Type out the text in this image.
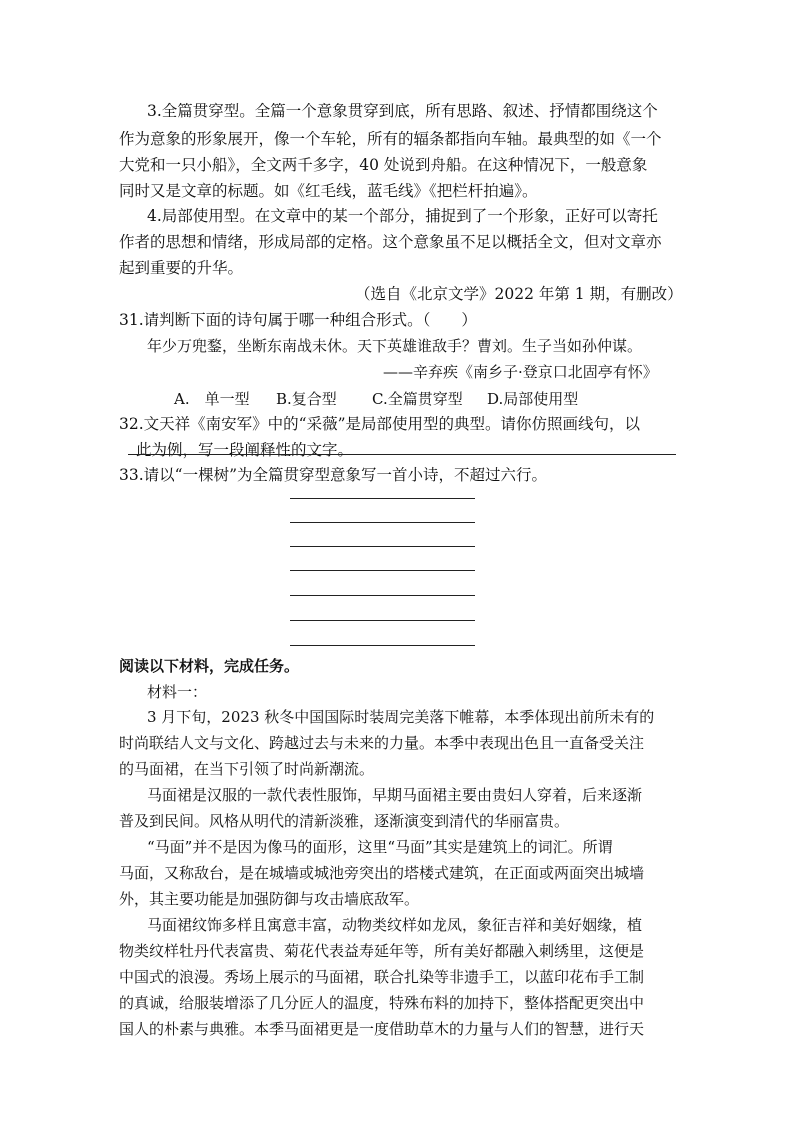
3.全篇贯穿型。全篇一个意象贯穿到底，所有思路、叙述、抒情都围绕这个

作为意象的形象展开，像一个车轮，所有的辐条都指向车轴。最典型的如《一个

大党和一只小船》，全文两千多字，40 处说到舟船。在这种情况下，一般意象

同时又是文章的标题。如《红毛线，蓝毛线》《把栏杆拍遍》。

4.局部使用型。在文章中的某一个部分，捕捉到了一个形象，正好可以寄托

作者的思想和情绪，形成局部的定格。这个意象虽不足以概括全文，但对文章亦

起到重要的升华。

（选自《北京文学》2022 年第 1 期，有删改）

31.请判断下面的诗句属于哪一种组合形式。（　　）

年少万兜鍪，坐断东南战未休。天下英雄谁敌手？曹刘。生子当如孙仲谋。

——辛弃疾《南乡子·登京口北固亭有怀》

A.　单一型 B.复合型 C.全篇贯穿型 D.局部使用型

32.文天祥《南安军》中的“采薇”是局部使用型的典型。请你仿照画线句，以

此为例，写一段阐释性的文字。

33.请以“一棵树”为全篇贯穿型意象写一首小诗，不超过六行。

阅读以下材料，完成任务。

材料一：

3 月下旬，2023 秋冬中国国际时装周完美落下帷幕，本季体现出前所未有的

时尚联结人文与文化、跨越过去与未来的力量。本季中表现出色且一直备受关注

的马面裙，在当下引领了时尚新潮流。

马面裙是汉服的一款代表性服饰，早期马面裙主要由贵妇人穿着，后来逐渐

普及到民间。风格从明代的清新淡雅，逐渐演变到清代的华丽富贵。

“马面”并不是因为像马的面形，这里“马面”其实是建筑上的词汇。所谓

马面，又称敌台，是在城墙或城池旁突出的塔楼式建筑，在正面或两面突出城墙

外，其主要功能是加强防御与攻击墙底敌军。

马面裙纹饰多样且寓意丰富，动物类纹样如龙凤，象征吉祥和美好姻缘，植

物类纹样牡丹代表富贵、菊花代表益寿延年等，所有美好都融入刺绣里，这便是

中国式的浪漫。秀场上展示的马面裙，联合扎染等非遗手工，以蓝印花布手工制

的真诚，给服装增添了几分匠人的温度，特殊布料的加持下，整体搭配更突出中

国人的朴素与典雅。本季马面裙更是一度借助草木的力量与人们的智慧，进行天
